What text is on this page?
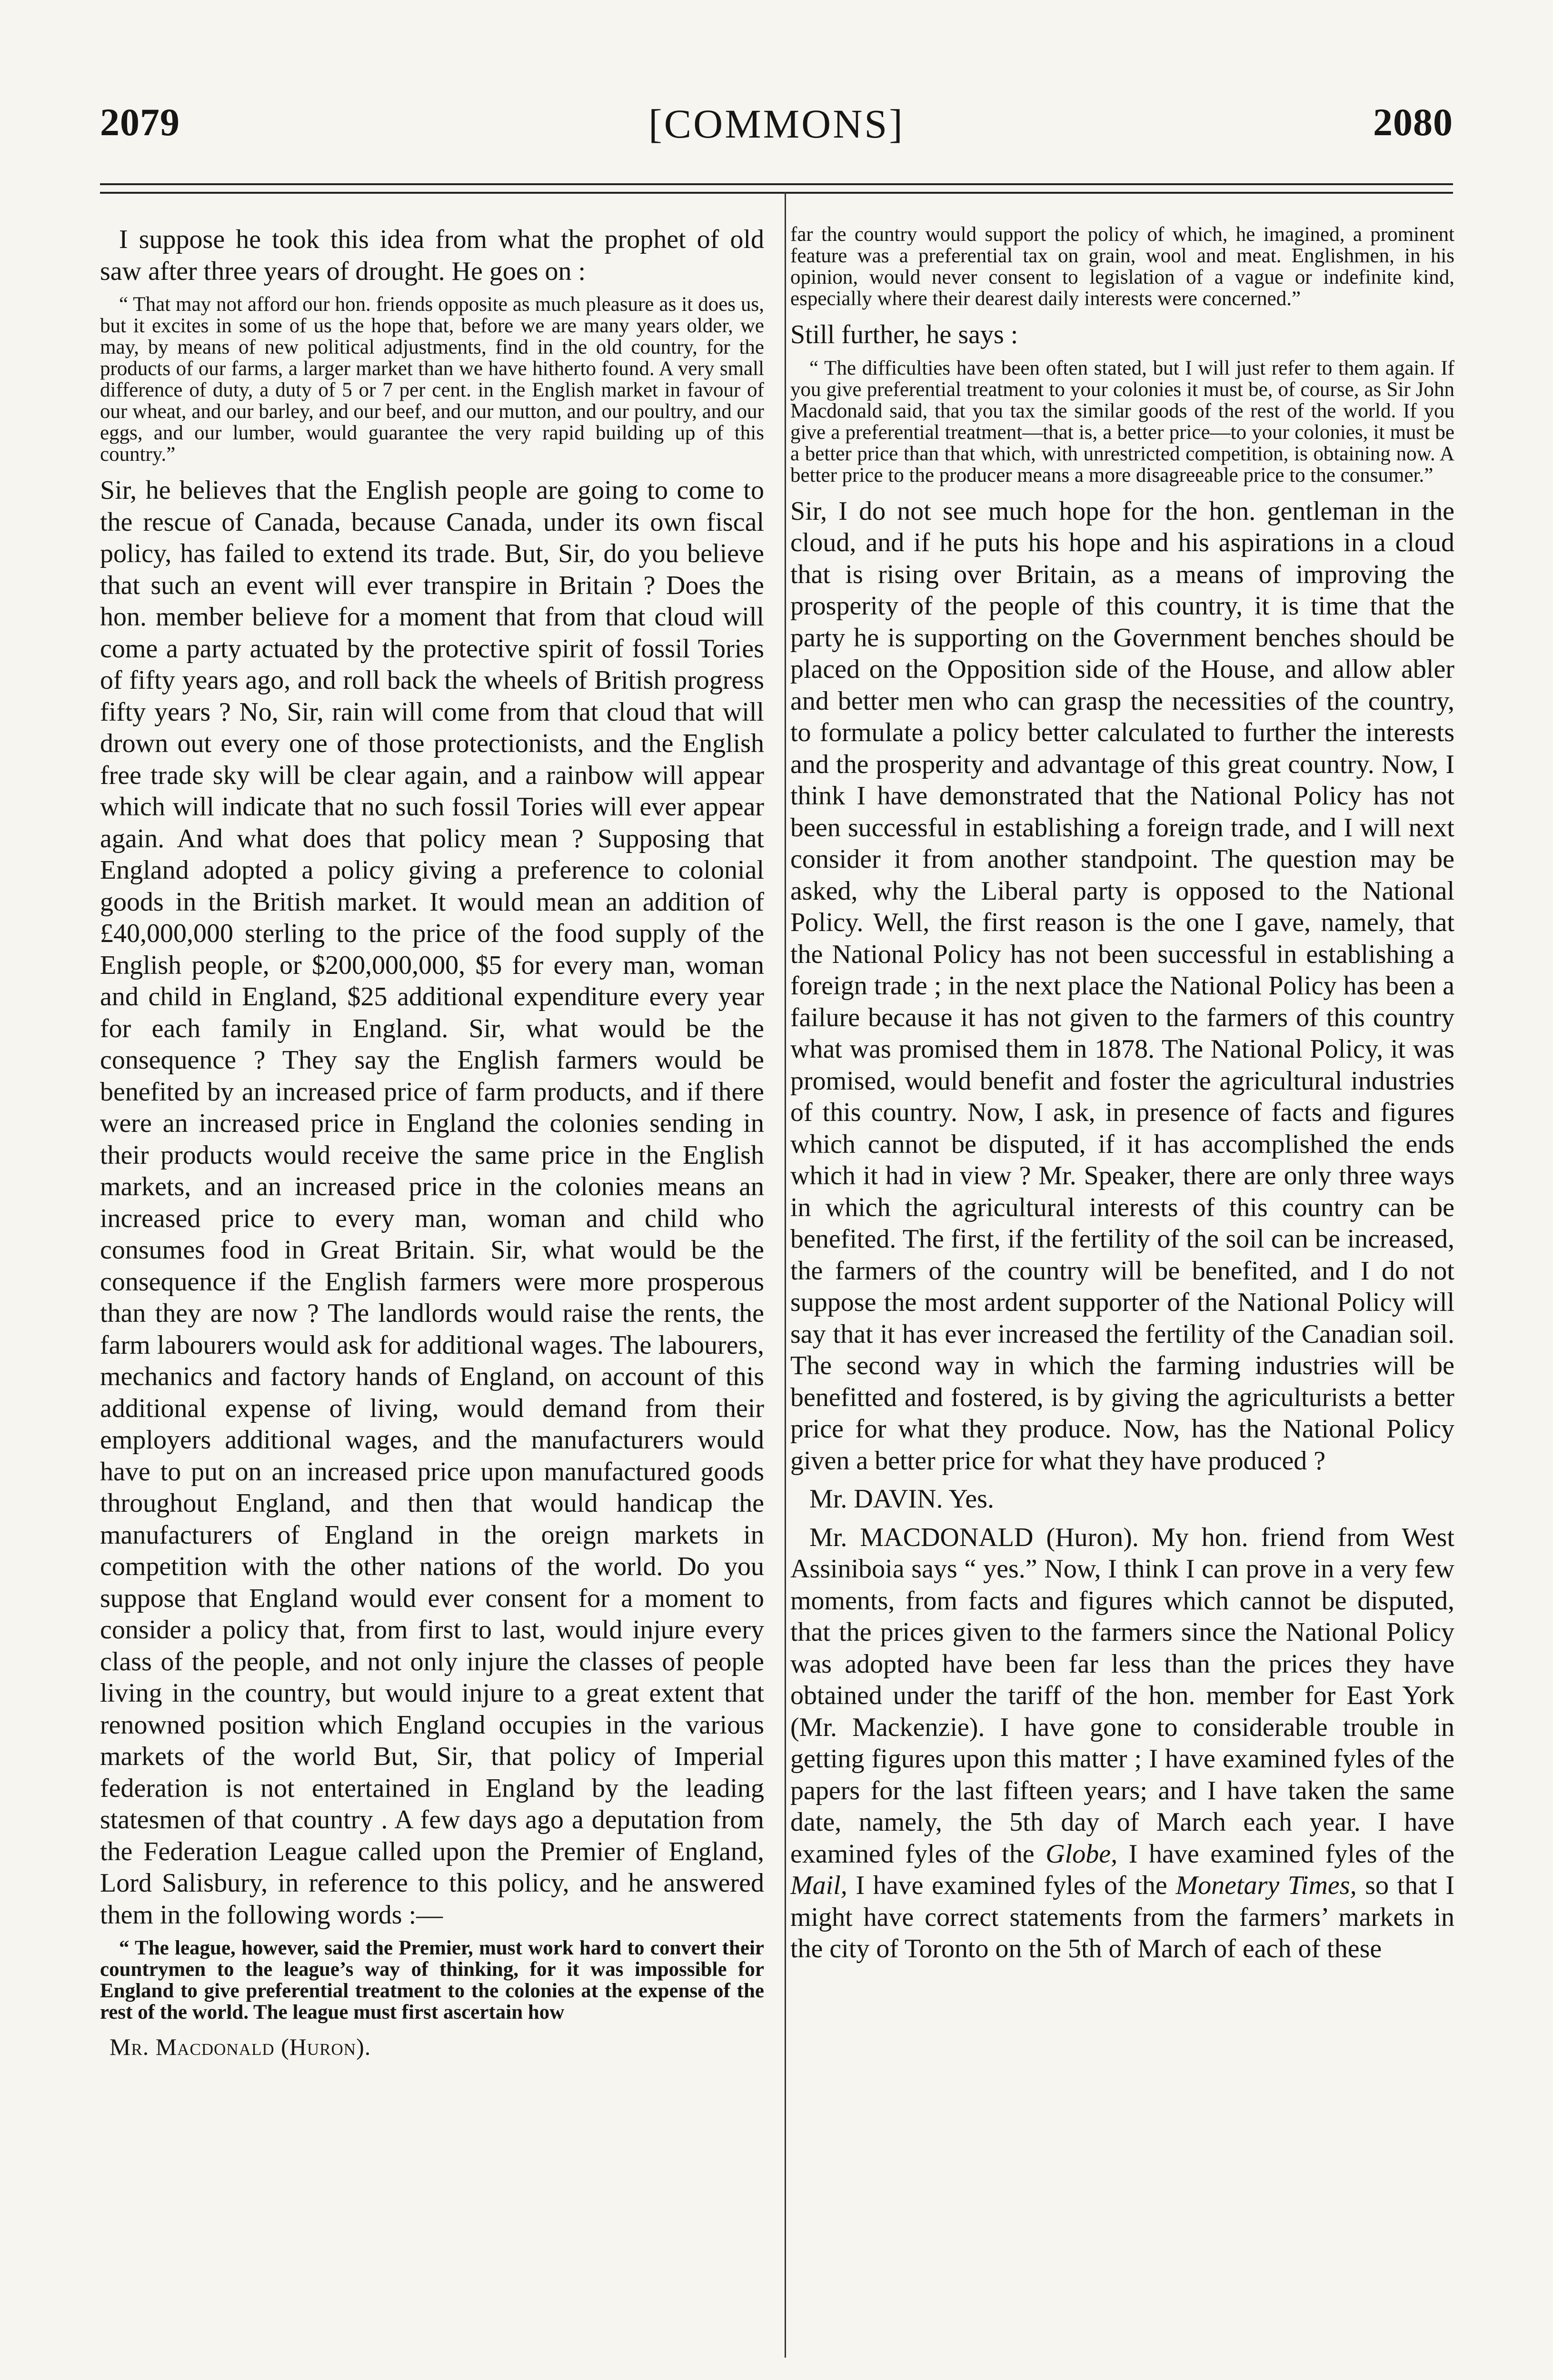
2079	[COMMONS]	2080

I suppose he took this idea from what the prophet of old saw after three years of drought. He goes on :

“ That may not afford our hon. friends opposite as much pleasure as it does us, but it excites in some of us the hope that, before we are many years older, we may, by means of new political adjustments, find in the old country, for the products of our farms, a larger market than we have hitherto found. A very small difference of duty, a duty of 5 or 7 per cent. in the English market in favour of our wheat, and our barley, and our beef, and our mutton, and our poultry, and our eggs, and our lumber, would guarantee the very rapid building up of this country.”

Sir, he believes that the English people are going to come to the rescue of Canada, because Canada, under its own fiscal policy, has failed to extend its trade. But, Sir, do you believe that such an event will ever transpire in Britain ? Does the hon. member believe for a moment that from that cloud will come a party actuated by the protective spirit of fossil Tories of fifty years ago, and roll back the wheels of British progress fifty years ? No, Sir, rain will come from that cloud that will drown out every one of those protectionists, and the English free trade sky will be clear again, and a rainbow will appear which will indicate that no such fossil Tories will ever appear again. And what does that policy mean ? Supposing that England adopted a policy giving a preference to colonial goods in the British market. It would mean an addition of £40,000,000 sterling to the price of the food supply of the English people, or $200,000,000, $5 for every man, woman and child in England, $25 additional expenditure every year for each family in England. Sir, what would be the consequence ? They say the English farmers would be benefited by an increased price of farm products, and if there were an increased price in England the colonies sending in their products would receive the same price in the English markets, and an increased price in the colonies means an increased price to every man, woman and child who consumes food in Great Britain. Sir, what would be the consequence if the English farmers were more prosperous than they are now ? The landlords would raise the rents, the farm labourers would ask for additional wages. The labourers, mechanics and factory hands of England, on account of this additional expense of living, would demand from their employers additional wages, and the manufacturers would have to put on an increased price upon manufactured goods throughout England, and then that would handicap the manufacturers of England in the oreign markets in competition with the other nations of the world. Do you suppose that England would ever consent for a moment to consider a policy that, from first to last, would injure every class of the people, and not only injure the classes of people living in the country, but would injure to a great extent that renowned position which England occupies in the various markets of the world But, Sir, that policy of Imperial federation is not entertained in England by the leading statesmen of that country . A few days ago a deputation from the Federation League called upon the Premier of England, Lord Salisbury, in reference to this policy, and he answered them in the following words :—

“ The league, however, said the Premier, must work hard to convert their countrymen to the league’s way of thinking, for it was impossible for England to give preferential treatment to the colonies at the expense of the rest of the world. The league must first ascertain how

Mr. Macdonald (Huron).

far the country would support the policy of which, he imagined, a prominent feature was a preferential tax on grain, wool and meat. Englishmen, in his opinion, would never consent to legislation of a vague or indefinite kind, especially where their dearest daily interests were concerned.”

Still further, he says :

“ The difficulties have been often stated, but I will just refer to them again. If you give preferential treatment to your colonies it must be, of course, as Sir John Macdonald said, that you tax the similar goods of the rest of the world. If you give a preferential treatment—that is, a better price—to your colonies, it must be a better price than that which, with unrestricted competition, is obtaining now. A better price to the producer means a more disagreeable price to the consumer.”

Sir, I do not see much hope for the hon. gentleman in the cloud, and if he puts his hope and his aspirations in a cloud that is rising over Britain, as a means of improving the prosperity of the people of this country, it is time that the party he is supporting on the Government benches should be placed on the Opposition side of the House, and allow abler and better men who can grasp the necessities of the country, to formulate a policy better calculated to further the interests and the prosperity and advantage of this great country. Now, I think I have demonstrated that the National Policy has not been successful in establishing a foreign trade, and I will next consider it from another standpoint. The question may be asked, why the Liberal party is opposed to the National Policy. Well, the first reason is the one I gave, namely, that the National Policy has not been successful in establishing a foreign trade ; in the next place the National Policy has been a failure because it has not given to the farmers of this country what was promised them in 1878. The National Policy, it was promised, would benefit and foster the agricultural industries of this country. Now, I ask, in presence of facts and figures which cannot be disputed, if it has accomplished the ends which it had in view ? Mr. Speaker, there are only three ways in which the agricultural interests of this country can be benefited. The first, if the fertility of the soil can be increased, the farmers of the country will be benefited, and I do not suppose the most ardent supporter of the National Policy will say that it has ever increased the fertility of the Canadian soil. The second way in which the farming industries will be benefitted and fostered, is by giving the agriculturists a better price for what they produce. Now, has the National Policy given a better price for what they have produced ?

Mr. DAVIN. Yes.

Mr. MACDONALD (Huron). My hon. friend from West Assiniboia says “ yes.” Now, I think I can prove in a very few moments, from facts and figures which cannot be disputed, that the prices given to the farmers since the National Policy was adopted have been far less than the prices they have obtained under the tariff of the hon. member for East York (Mr. Mackenzie). I have gone to considerable trouble in getting figures upon this matter ; I have examined fyles of the papers for the last fifteen years; and I have taken the same date, namely, the 5th day of March each year. I have examined fyles of the Globe, I have examined fyles of the Mail, I have examined fyles of the Monetary Times, so that I might have correct statements from the farmers’ markets in the city of Toronto on the 5th of March of each of these
